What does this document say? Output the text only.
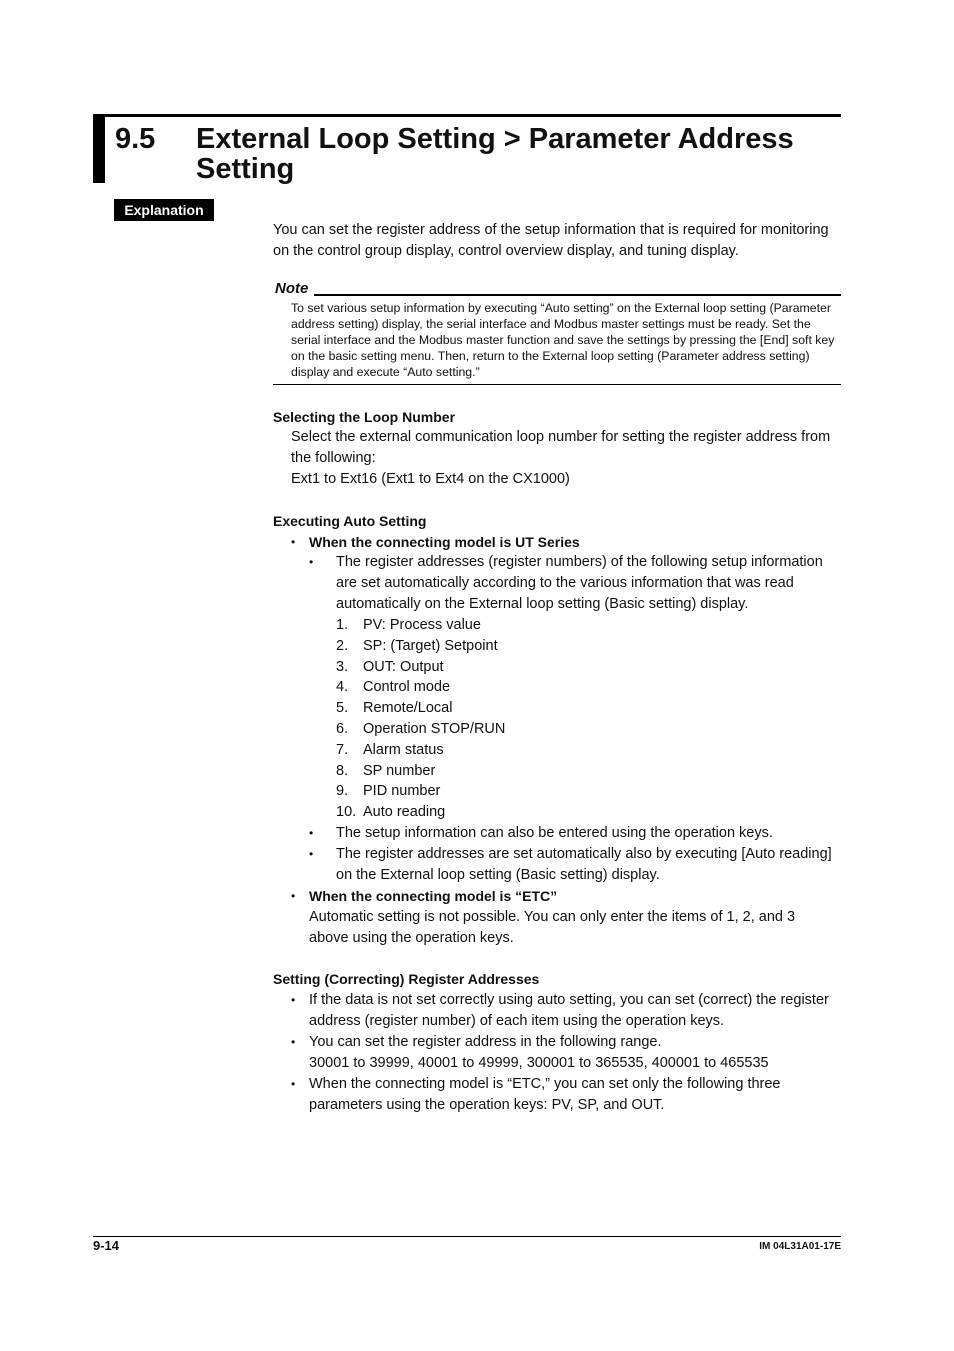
9.5 External Loop Setting > Parameter Address Setting
Explanation
You can set the register address of the setup information that is required for monitoring on the control group display, control overview display, and tuning display.
Note
To set various setup information by executing “Auto setting” on the External loop setting (Parameter address setting) display, the serial interface and Modbus master settings must be ready. Set the serial interface and the Modbus master function and save the settings by pressing the [End] soft key on the basic setting menu. Then, return to the External loop setting (Parameter address setting) display and execute “Auto setting.”
Selecting the Loop Number
Select the external communication loop number for setting the register address from the following:
Ext1 to Ext16 (Ext1 to Ext4 on the CX1000)
Executing Auto Setting
• When the connecting model is UT Series
• The register addresses (register numbers) of the following setup information are set automatically according to the various information that was read automatically on the External loop setting (Basic setting) display.
1. PV: Process value
2. SP: (Target) Setpoint
3. OUT: Output
4. Control mode
5. Remote/Local
6. Operation STOP/RUN
7. Alarm status
8. SP number
9. PID number
10. Auto reading
• The setup information can also be entered using the operation keys.
• The register addresses are set automatically also by executing [Auto reading] on the External loop setting (Basic setting) display.
• When the connecting model is “ETC”
Automatic setting is not possible. You can only enter the items of 1, 2, and 3 above using the operation keys.
Setting (Correcting) Register Addresses
• If the data is not set correctly using auto setting, you can set (correct) the register address (register number) of each item using the operation keys.
• You can set the register address in the following range.
30001 to 39999, 40001 to 49999, 300001 to 365535, 400001 to 465535
• When the connecting model is “ETC,” you can set only the following three parameters using the operation keys: PV, SP, and OUT.
9-14	IM 04L31A01-17E
